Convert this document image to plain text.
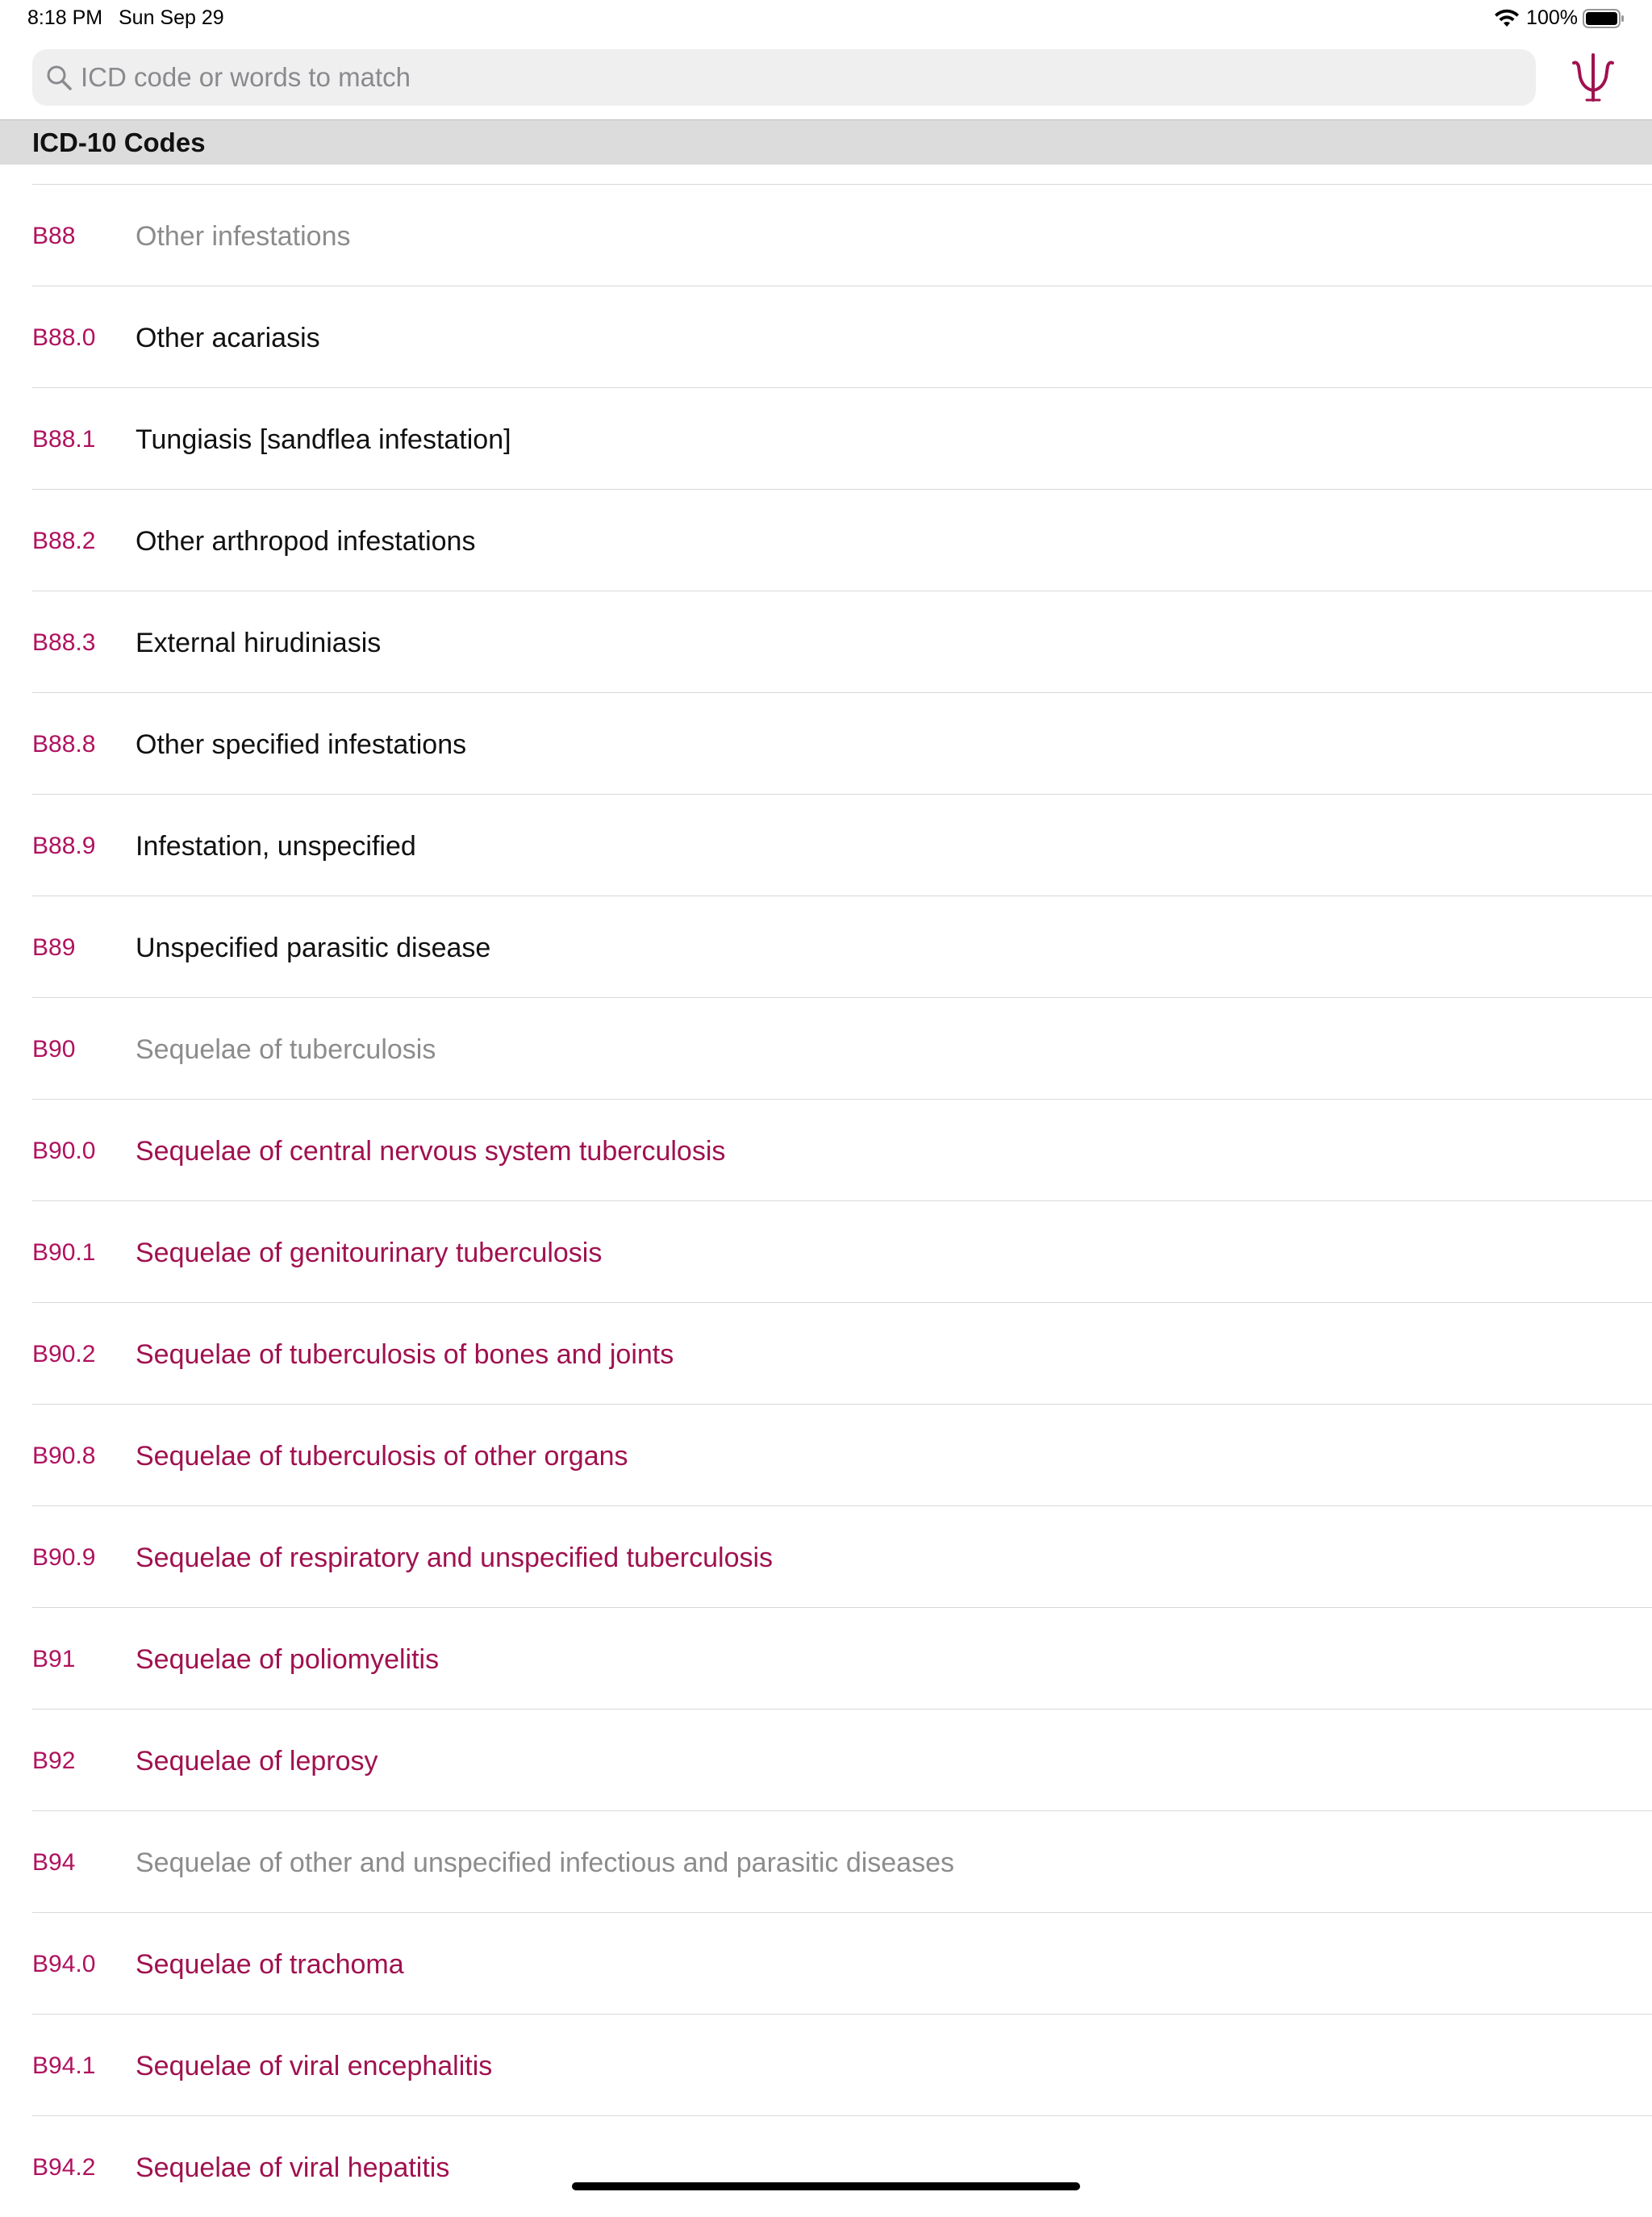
8:18 PM Sun Sep 29	100%
ICD code or words to match
ICD-10 Codes
B88 Other infestations
B88.0 Other acariasis
B88.1 Tungiasis [sandflea infestation]
B88.2 Other arthropod infestations
B88.3 External hirudiniasis
B88.8 Other specified infestations
B88.9 Infestation, unspecified
B89 Unspecified parasitic disease
B90 Sequelae of tuberculosis
B90.0 Sequelae of central nervous system tuberculosis
B90.1 Sequelae of genitourinary tuberculosis
B90.2 Sequelae of tuberculosis of bones and joints
B90.8 Sequelae of tuberculosis of other organs
B90.9 Sequelae of respiratory and unspecified tuberculosis
B91 Sequelae of poliomyelitis
B92 Sequelae of leprosy
B94 Sequelae of other and unspecified infectious and parasitic diseases
B94.0 Sequelae of trachoma
B94.1 Sequelae of viral encephalitis
B94.2 Sequelae of viral hepatitis
